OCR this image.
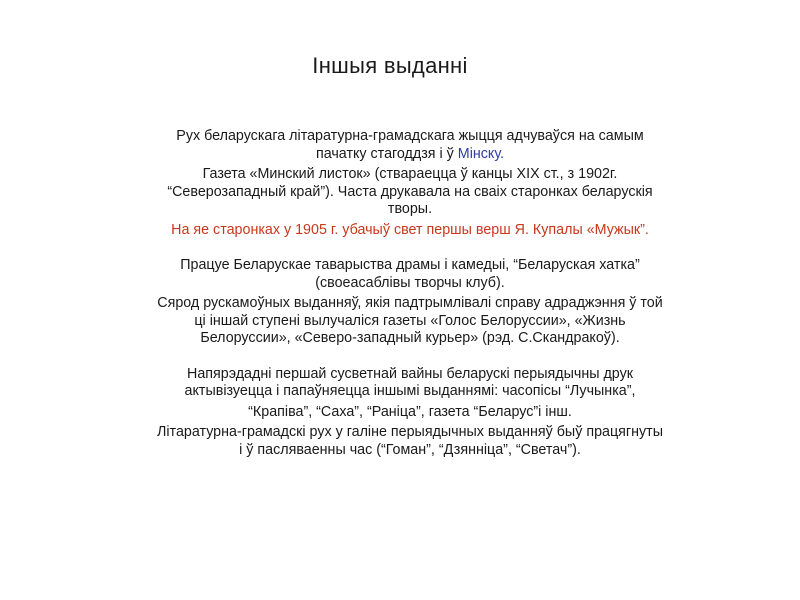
Іншыя выданні

Рух беларускага літаратурна-грамадскага жыцця адчуваўся на самым
пачатку стагоддзя і ў Мінску.

Газета «Минский листок» (ствараецца ў канцы XIX ст., з 1902г.
“Северозападный край”). Часта друкавала на сваіх старонках беларускія
творы.

На яе старонках у 1905 г. убачыў свет першы верш Я. Купалы «Мужык”.

Працуе Беларускае таварыства драмы і камедыі, “Беларуская хатка”
(своеасаблівы творчы клуб).

Сярод рускамоўных выданняў, якія падтрымлівалі справу адраджэння ў той
ці іншай ступені вылучаліся газеты «Голос Белоруссии», «Жизнь
Белоруссии», «Северо-западный курьер» (рэд. С.Скандракоў).

Напярэдадні першай сусветнай вайны беларускі перыядычны друк
актывізуецца і папаўняецца іншымі выданнямі: часопісы “Лучынка”,

“Крапіва”, “Саха”, “Раніца”, газета “Беларус”і інш.

Літаратурна-грамадскі рух у галіне перыядычных выданняў быў працягнуты
і ў пасляваенны час (“Гоман”, “Дзянніца”, “Светач”).
